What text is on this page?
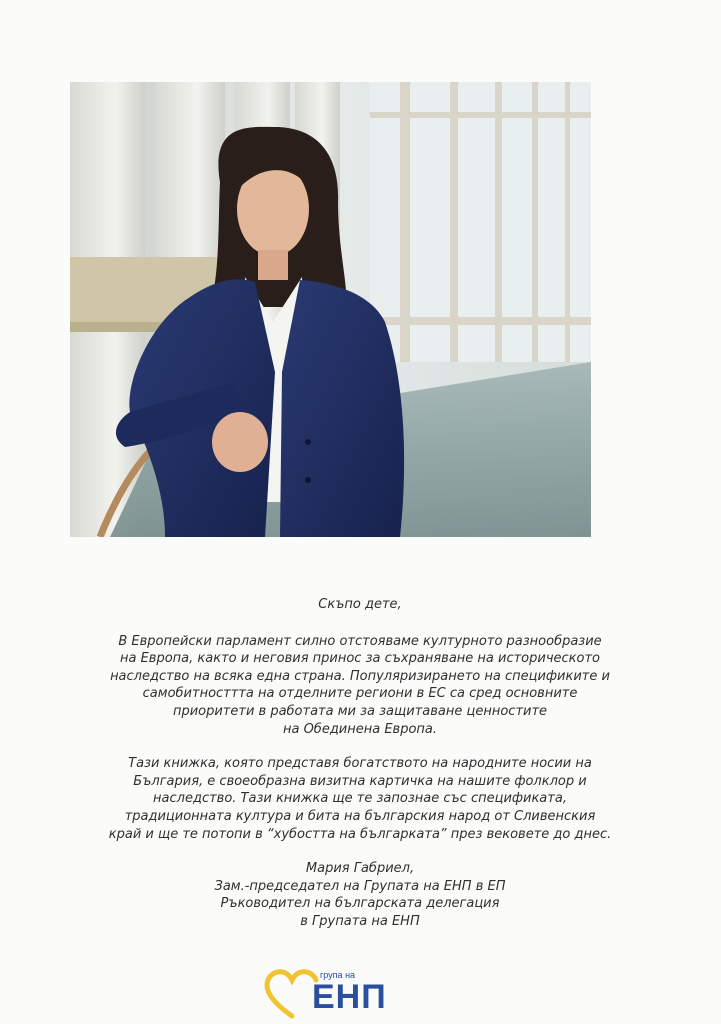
Скъпо дете,

В Европейски парламент силно отстояваме културното разнообразие
на Европа, както и неговия принос за съхраняване на историческото
наследство на всяка една страна. Популяризирането на спецификите и
самобитносттта на отделните региони в ЕС са сред основните
приоритети в работата ми за защитаване ценностите
на Обединена Европа.

Тази книжка, която представя богатството на народните носии на
България, е своеобразна визитна картичка на нашите фолклор и
наследство. Тази книжка ще те запознае със спецификата,
традиционната култура и бита на българския народ от Сливенския
край и ще те потопи в “хубостта на българката” през вековете до днес.

Мария Габриел,
Зам.-председател на Групата на ЕНП в ЕП
Ръководител на българската делегация
в Групата на ЕНП

група на
ЕНП
